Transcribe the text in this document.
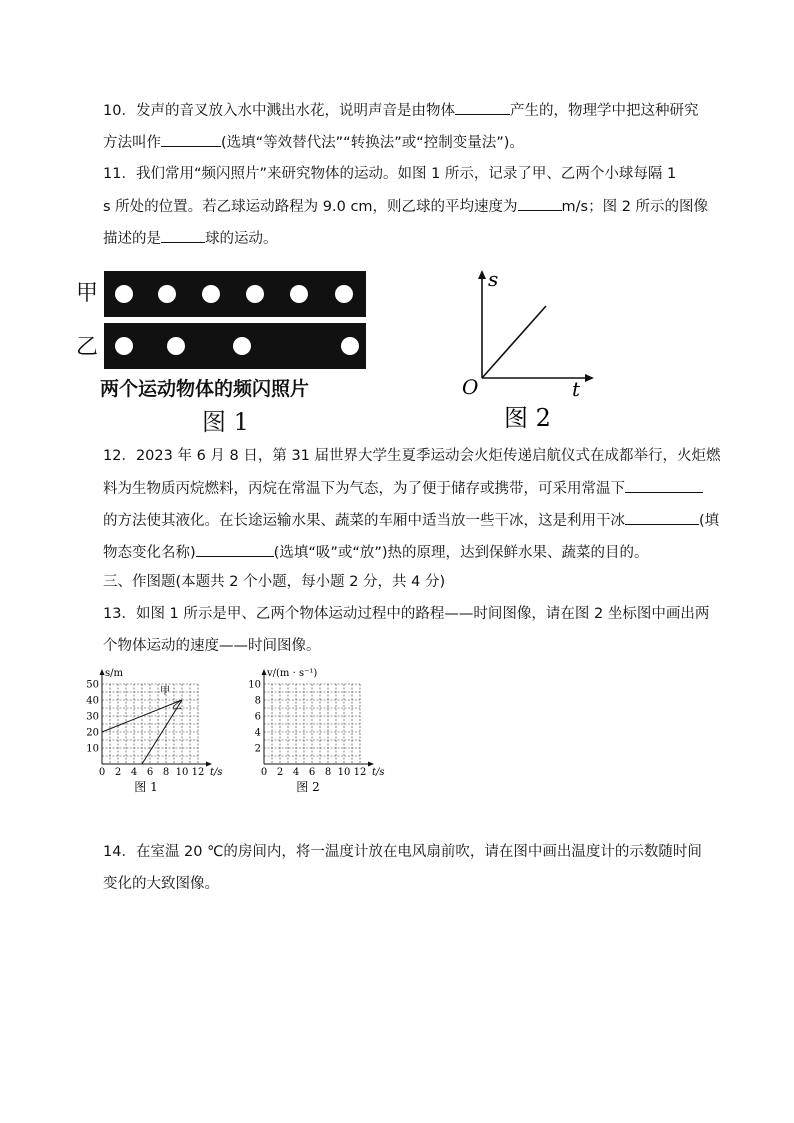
10．发声的音叉放入水中溅出水花，说明声音是由物体	产生的，物理学中把这种研究
方法叫作	(选填“等效替代法”“转换法”或“控制变量法”)。
11．我们常用“频闪照片”来研究物体的运动。如图 1 所示，记录了甲、乙两个小球每隔 1
s 所处的位置。若乙球运动路程为 9.0 cm，则乙球的平均速度为	m/s；图 2 所示的图像
描述的是	球的运动。
甲
乙
两个运动物体的频闪照片
图 1
s
t
O
图 2
12．2023 年 6 月 8 日，第 31 届世界大学生夏季运动会火炬传递启航仪式在成都举行，火炬燃
料为生物质丙烷燃料，丙烷在常温下为气态，为了便于储存或携带，可采用常温下
的方法使其液化。在长途运输水果、蔬菜的车厢中适当放一些干冰，这是利用干冰	(填
物态变化名称)	(选填“吸”或“放”)热的原理，达到保鲜水果、蔬菜的目的。
三、作图题(本题共 2 个小题，每小题 2 分，共 4 分)
13．如图 1 所示是甲、乙两个物体运动过程中的路程——时间图像，请在图 2 坐标图中画出两
个物体运动的速度——时间图像。
0 2 4 6 8 10 12
10
20
30
40
50
t/s
s/m
甲
乙
图 1
0 2 4 6 8 10 12
2
4
6
8
10
t/s
v/(m · s⁻¹)
图 2
14．在室温 20 ℃的房间内，将一温度计放在电风扇前吹，请在图中画出温度计的示数随时间
变化的大致图像。
